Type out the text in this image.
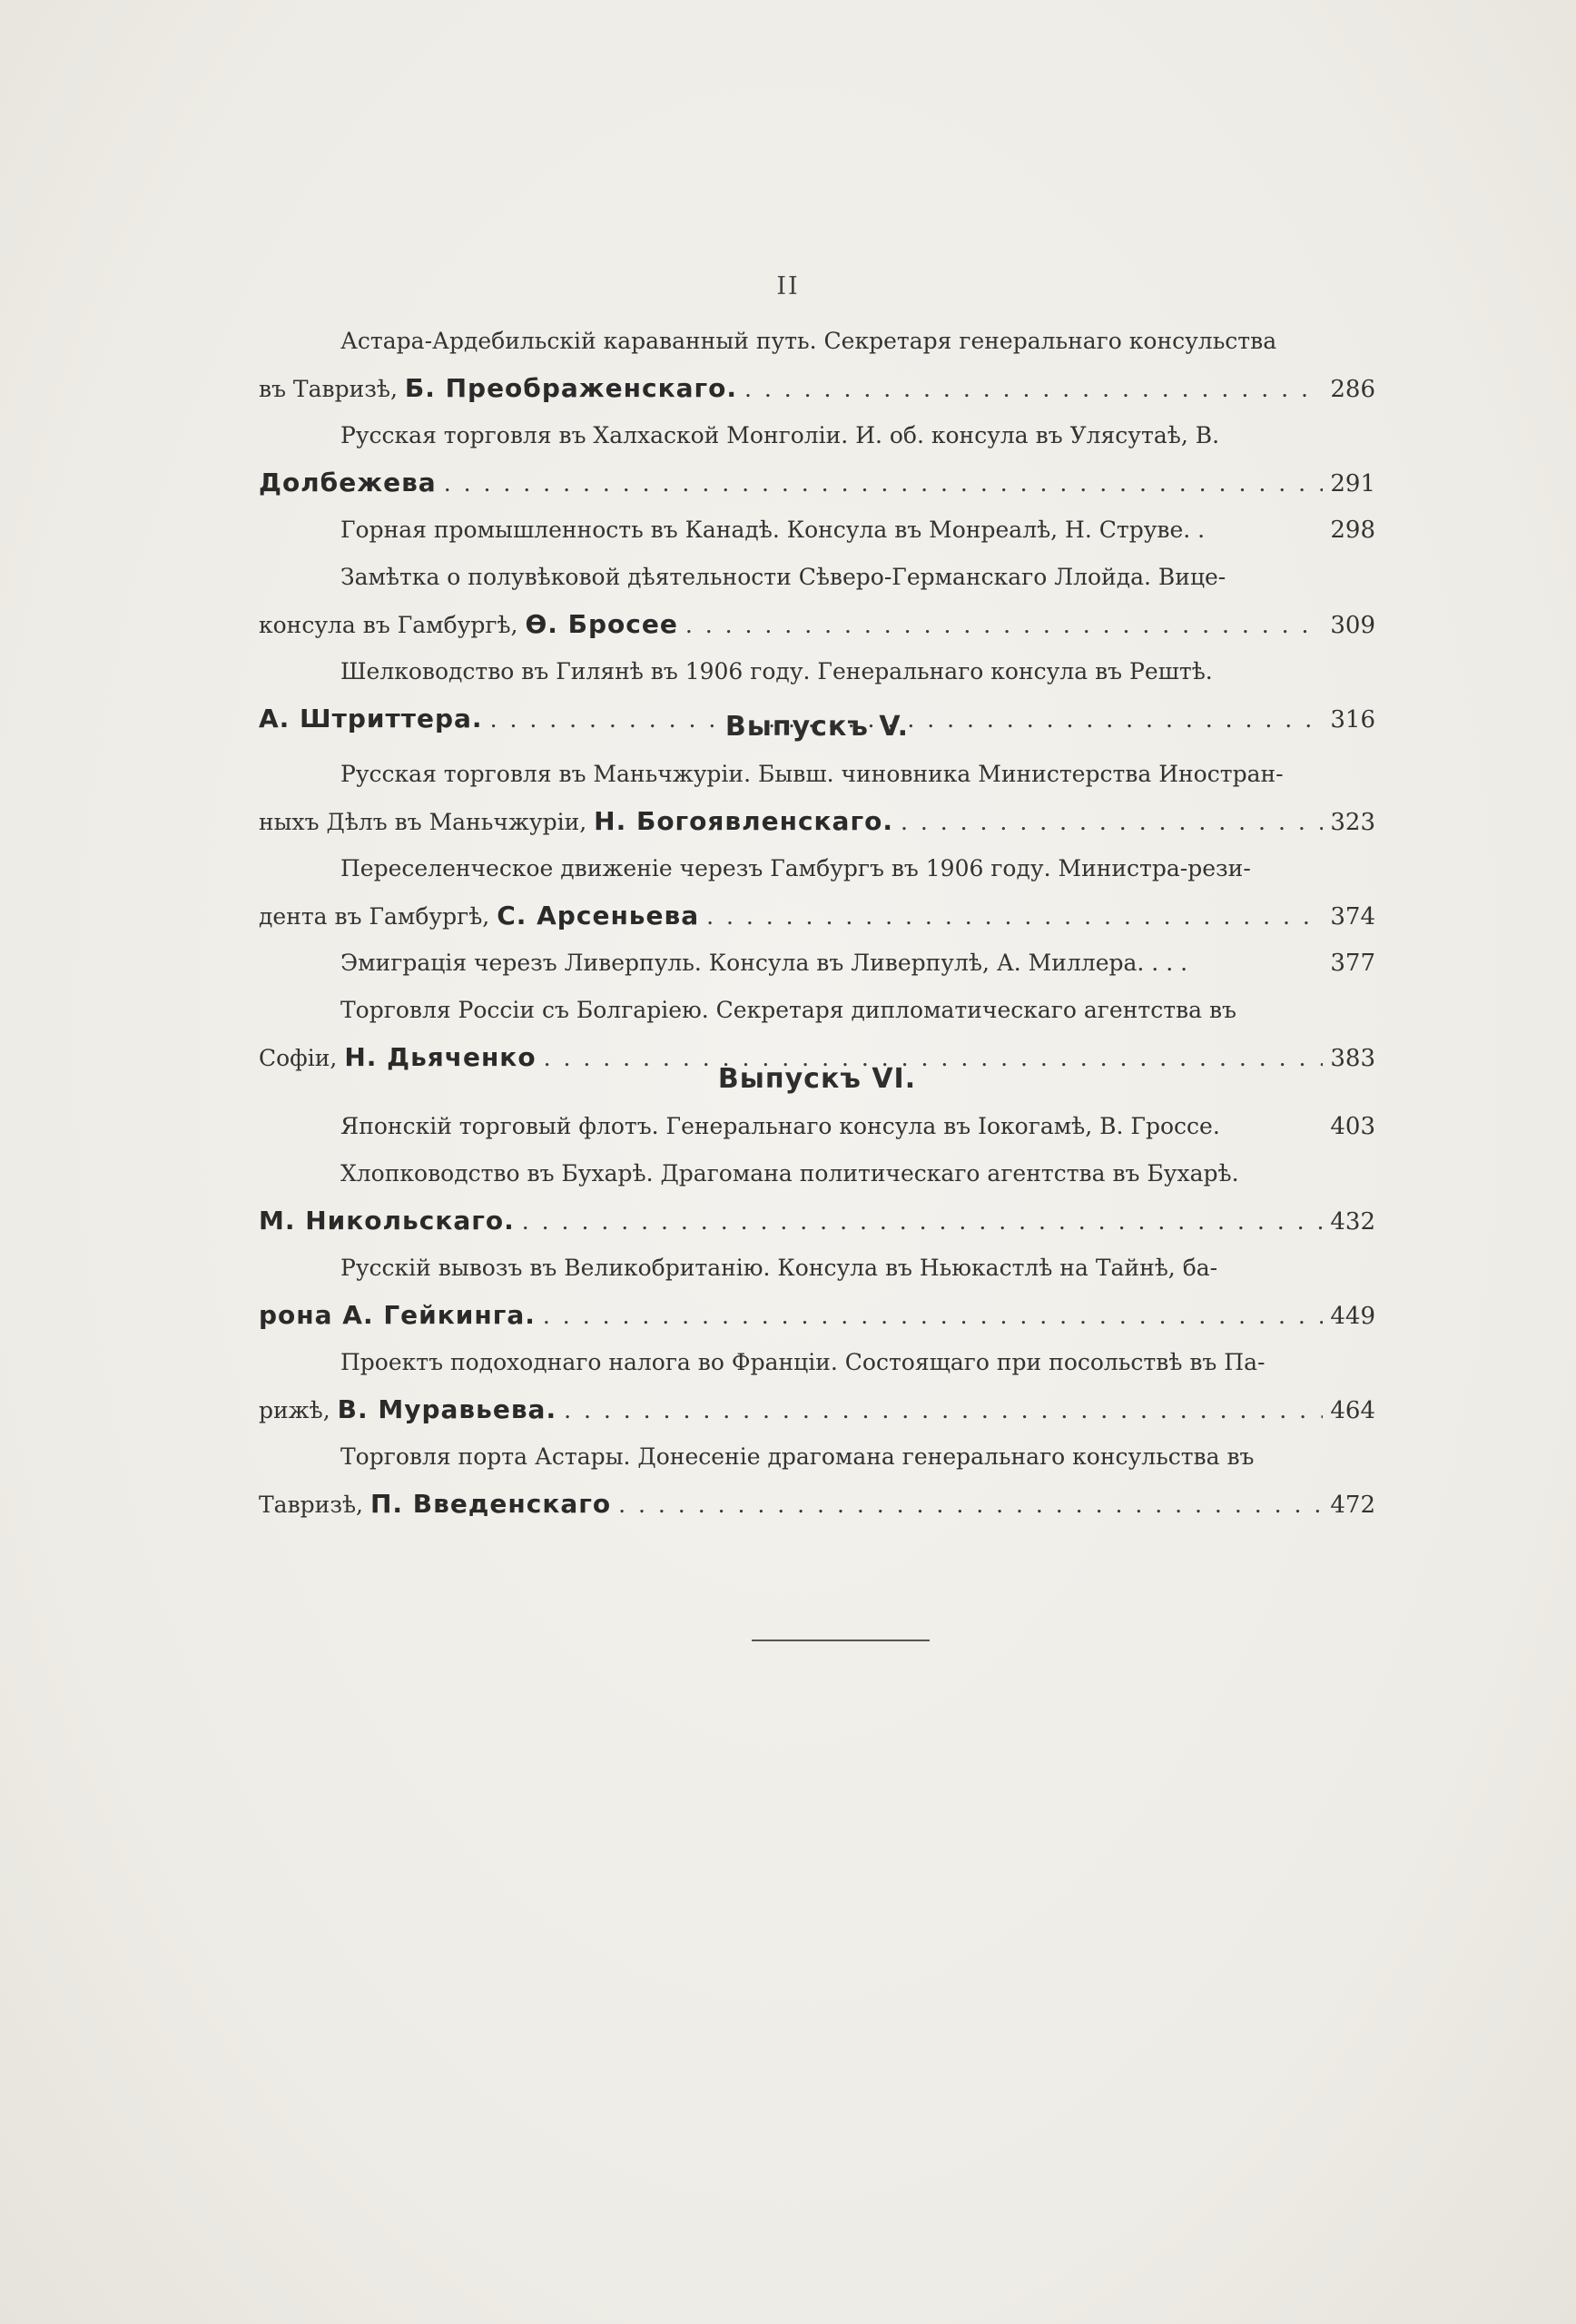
II
Астара-Ардебильскій караванный путь. Секретаря генеральнаго консульства
въ Тавризѣ,
Б. Преображенскаго. . . .	286
Русская торговля въ Халхаской Монголіи. И. об. консула въ Улясутаѣ, В.
Долбежева . . .	291
Горная промышленность въ Канадѣ. Консула въ Монреалѣ, Н. Струве. .	298
Замѣтка о полувѣковой дѣятельности Сѣверо-Германскаго Ллойда. Вице-
консула въ Гамбургѣ,
Ѳ. Бросее . . .	309
Шелководство въ Гилянѣ въ 1906 году. Генеральнаго консула въ Рештѣ.
А. Штриттера. . . .	316
Выпускъ V.
Русская торговля въ Маньчжуріи. Бывш. чиновника Министерства Иностран-
ныхъ Дѣлъ въ Маньчжуріи,
Н. Богоявленскаго. . . .	323
Переселенческое движеніе черезъ Гамбургъ въ 1906 году. Министра-рези-
дента въ Гамбургѣ,
С. Арсеньева . . .	374
Эмиграція черезъ Ливерпуль. Консула въ Ливерпулѣ, А. Миллера. . . .	377
Торговля Россіи съ Болгаріею. Секретаря дипломатическаго агентства въ
Софіи,
Н. Дьяченко . . .	383
Выпускъ VI.
Японскій торговый флотъ. Генеральнаго консула въ Іокогамѣ, В. Гроссе.	403
Хлопководство въ Бухарѣ. Драгомана политическаго агентства въ Бухарѣ.
М. Никольскаго. . . .	432
Русскій вывозъ въ Великобританію. Консула въ Ньюкастлѣ на Тайнѣ, ба-
рона А. Гейкинга. . . .	449
Проектъ подоходнаго налога во Франціи. Состоящаго при посольствѣ въ Па-
рижѣ,
В. Муравьева. . . .	464
Торговля порта Астары. Донесеніе драгомана генеральнаго консульства въ
Тавризѣ,
П. Введенскаго . . .	472
